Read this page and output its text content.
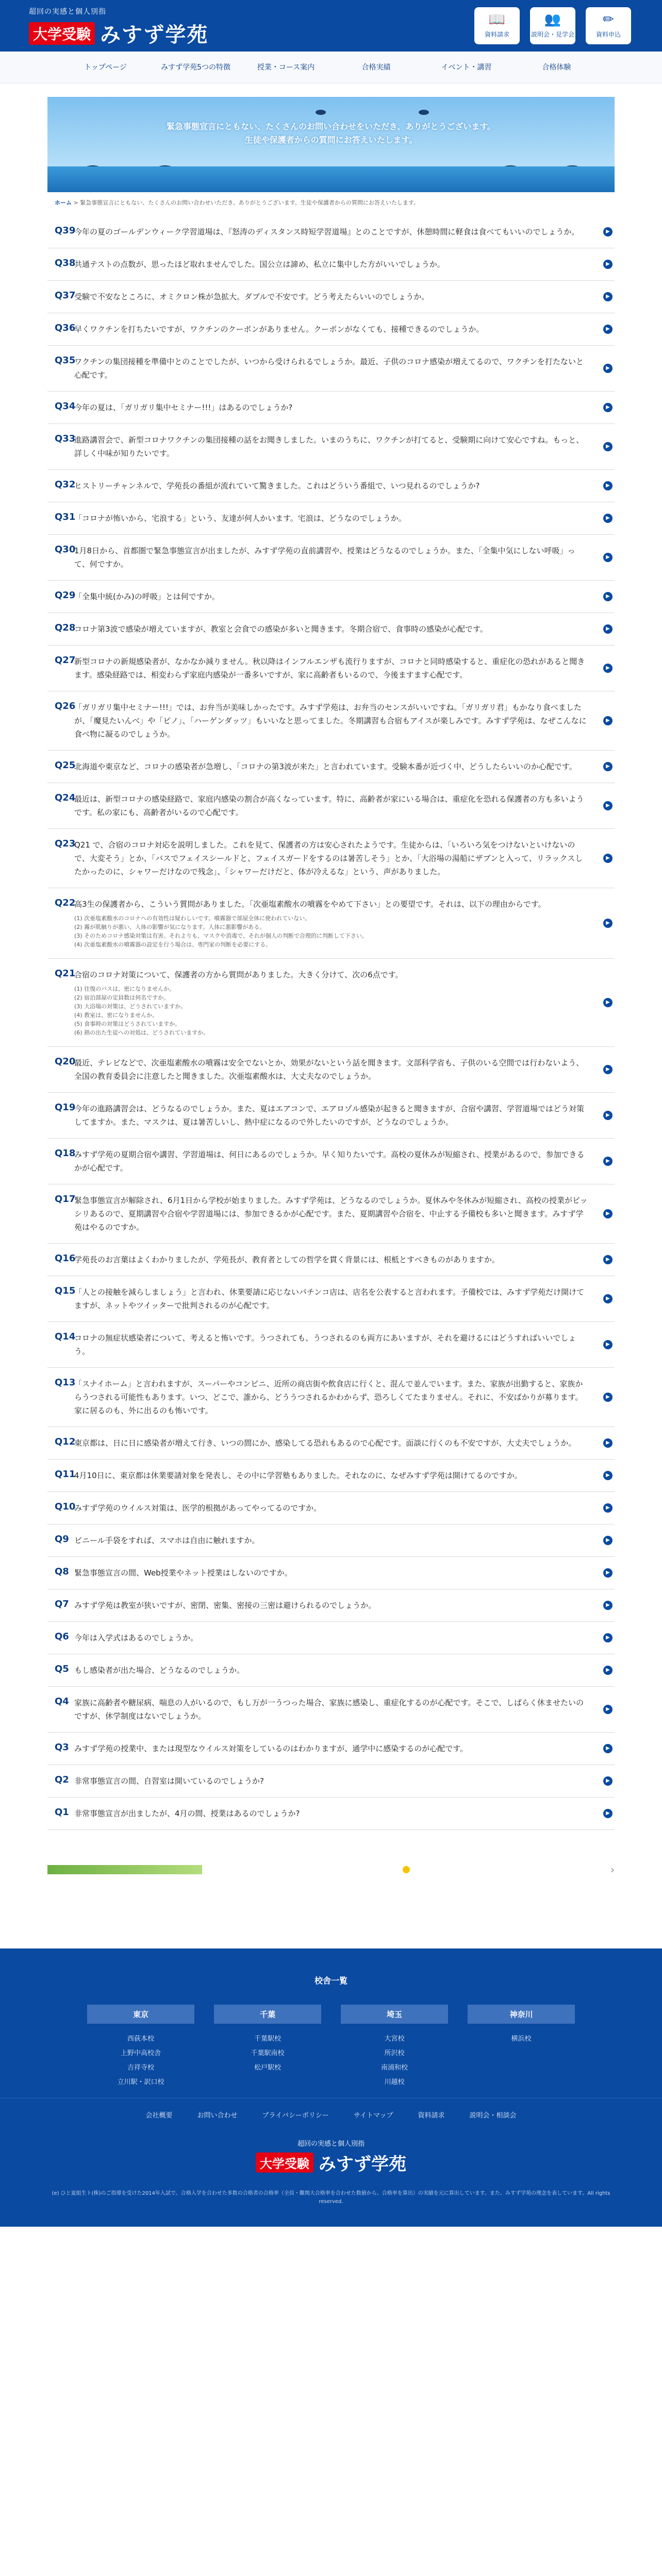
超回の実感と個人別指
大学受験 みすず学苑
📖
資料請求
👥
説明会・見学会
✏
資料申込
トップページ	みすず学苑5つの特徴	授業・コース案内	合格実績	イベント・講習	合格体験
緊急事態宣言にともない、たくさんのお問い合わせをいただき、ありがとうございます。
生徒や保護者からの質問にお答えいたします。
ホーム > 緊急事態宣言にともない、たくさんのお問い合わせいただき、ありがとうございます。生徒や保護者からの質問にお答えいたします。
Q39
今年の夏のゴールデンウィーク学習道場は、『怒涛のディスタンス時短学習道場』とのことですが、休憩時間に軽食は食べてもいいのでしょうか。	▶
Q38
共通テストの点数が、思ったほど取れませんでした。国公立は諦め、私立に集中した方がいいでしょうか。	▶
Q37
受験で不安なところに、オミクロン株が急拡大。ダブルで不安です。どう考えたらいいのでしょうか。	▶
Q36
早くワクチンを打ちたいですが、ワクチンのクーポンがありません。クーポンがなくても、接種できるのでしょうか。	▶
Q35
ワクチンの集団接種を準備中とのことでしたが、いつから受けられるでしょうか。最近、子供のコロナ感染が増えてるので、ワクチンを打たないと心配です。
▶
Q34
今年の夏は、「ガリガリ集中セミナー!!!」はあるのでしょうか?	▶
Q33
進路講習会で、新型コロナワクチンの集団接種の話をお聞きしました。いまのうちに、ワクチンが打てると、受験期に向けて安心ですね。もっと、詳しく中味が知りたいです。
▶
Q32
ヒストリーチャンネルで、学苑長の番組が流れていて驚きました。これはどういう番組で、いつ見れるのでしょうか?	▶
Q31
「コロナが怖いから、宅浪する」という、友達が何人かいます。宅浪は、どうなのでしょうか。	▶
Q30
1月8日から、首都圏で緊急事態宣言が出ましたが、みすず学苑の直前講習や、授業はどうなるのでしょうか。また、「全集中気にしない呼吸」って、何ですか。
▶
Q29
「全集中統(かみ)の呼吸」とは何ですか。	▶
Q28
コロナ第3波で感染が増えていますが、教室と会食での感染が多いと聞きます。冬期合宿で、食事時の感染が心配です。	▶
Q27
新型コロナの新規感染者が、なかなか減りません。秋以降はインフルエンザも流行りますが、コロナと同時感染すると、重症化の恐れがあると聞きます。感染経路では、相変わらず家庭内感染が一番多いですが、家に高齢者もいるので、今後ますます心配です。
▶
Q26
「ガリガリ集中セミナー!!!」では、お弁当が美味しかったです。みすず学苑は、お弁当のセンスがいいですね。「ガリガリ君」もかなり食べましたが、「魔見たいんべ」や「ピノ」、「ハーゲンダッツ」もいいなと思ってました。冬期講習も合宿もアイスが楽しみです。みすず学苑は、なぜこんなに食べ物に凝るのでしょうか。
▶
Q25
北海道や東京など、コロナの感染者が急増し、「コロナの第3波が来た」と言われています。受験本番が近づく中、どうしたらいいのか心配です。	▶
Q24
最近は、新型コロナの感染経路で、家庭内感染の割合が高くなっています。特に、高齢者が家にいる場合は、重症化を恐れる保護者の方も多いようです。私の家にも、高齢者がいるので心配です。
▶
Q23
Q21 で、合宿のコロナ対応を説明しました。これを見て、保護者の方は安心されたようです。生徒からは、「いろいろ気をつけないといけないので、大変そう」とか、「バスでフェイスシールドと、フェイスガードをするのは暑苦しそう」とか、「大浴場の湯船にザブンと入って、リラックスしたかったのに、シャワーだけなので残念」、「シャワーだけだと、体が冷えるな」という、声がありました。
▶
Q22
高3生の保護者から、こういう質問がありました。「次亜塩素酸水の噴霧をやめて下さい」との要望です。それは、以下の理由からです。
(1) 次亜塩素酸水のコロナへの有効性は疑わしいです。噴霧器で部屋全体に使われていない。
(2) 霧が肌触りが悪い、人体の影響が気になります。人体に悪影響がある。
(3) そのためコロナ感染対策は有害。それよりも、マスクや消毒で、それが個人の判断で合理的に判断して下さい。
(4) 次亜塩素酸水の噴霧器の設定を行う場合は、専門家の判断を必要にする。
▶
Q21
合宿のコロナ対策について、保護者の方から質問がありました。大きく分けて、次の6点です。
(1) 往復のバスは、密になりませんか。
(2) 宿泊部屋の定員数は何名ですか。
(3) 大浴場の対策は、どうされていますか。
(4) 教室は、密になりませんか。
(5) 食事時の対策はどうされていますか。
(6) 熱の出た生徒への対処は、どうされていますか。
▶
Q20
最近、テレビなどで、次亜塩素酸水の噴霧は安全でないとか、効果がないという話を聞きます。文部科学省も、子供のいる空間では行わないよう、全国の教育委員会に注意したと聞きました。次亜塩素酸水は、大丈夫なのでしょうか。
▶
Q19
今年の進路講習会は、どうなるのでしょうか。また、夏はエアコンで、エアロゾル感染が起きると聞きますが、合宿や講習、学習道場ではどう対策してますか。また、マスクは、夏は暑苦しいし、熱中症になるので外したいのですが、どうなのでしょうか。
▶
Q18
みすず学苑の夏期合宿や講習、学習道場は、何日にあるのでしょうか。早く知りたいです。高校の夏休みが短縮され、授業があるので、参加できるかが心配です。
▶
Q17
緊急事態宣言が解除され、6月1日から学校が始まりました。みすず学苑は、どうなるのでしょうか。夏休みや冬休みが短縮され、高校の授業がビッシリあるので、夏期講習や合宿や学習道場には、参加できるかが心配です。また、夏期講習や合宿を、中止する予備校も多いと聞きます。みすず学苑はやるのですか。
▶
Q16
学苑長のお言葉はよくわかりましたが、学苑長が、教育者としての哲学を貫く背景には、根柢とすべきものがありますか。	▶
Q15
「人との接触を減らしましょう」と言われ、休業要請に応じないパチンコ店は、店名を公表すると言われます。予備校では、みすず学苑だけ開けてますが、ネットやツイッターで批判されるのが心配です。
▶
Q14
コロナの無症状感染者について、考えると怖いです。うつされても、うつされるのも両方にあいますが、それを避けるにはどうすればいいでしょう。
▶
Q13
「スナイホーム」と言われますが、スーパーやコンビニ、近所の商店街や飲食店に行くと、混んで並んでいます。また、家族が出勤すると、家族からうつされる可能性もあります。いつ、どこで、誰から、どううつされるかわからず、恐ろしくてたまりません。それに、不安ばかりが募ります。家に居るのも、外に出るのも怖いです。
▶
Q12
東京都は、日に日に感染者が増えて行き、いつの間にか、感染してる恐れもあるので心配です。面談に行くのも不安ですが、大丈夫でしょうか。	▶
Q11
4月10日に、東京都は休業要請対象を発表し、その中に学習塾もありました。それなのに、なぜみすず学苑は開けてるのですか。	▶
Q10
みすず学苑のウイルス対策は、医学的根拠があってやってるのですか。	▶
Q9 ビニール手袋をすれば、スマホは自由に触れますか。	▶
Q8 緊急事態宣言の間、Web授業やネット授業はしないのですか。	▶
Q7 みすず学苑は教室が狭いですが、密閉、密集、密接の三密は避けられるのでしょうか。	▶
Q6 今年は入学式はあるのでしょうか。	▶
Q5 もし感染者が出た場合、どうなるのでしょうか。	▶
Q4 家族に高齢者や糖尿病、喘息の人がいるので、もし万が一うつった場合、家族に感染し、重症化するのが心配です。そこで、しばらく休ませたいのですが、休学制度はないでしょうか。
▶
Q3 みすず学苑の授業中、または現型なウイルス対策をしているのはわかりますが、通学中に感染するのが心配です。	▶
Q2 非常事態宣言の間、自習室は開いているのでしょうか?	▶
Q1 非常事態宣言が出ましたが、4月の間、授業はあるのでしょうか?	▶
›
校舎一覧
東京
西荻本校
上野中高校舎
吉祥寺校
立川駅・訳口校
千葉
千葉駅校
千葉駅南校
松戸駅校
埼玉
大宮校
所沢校
南浦和校
川越校
神奈川
横浜校
会社概要	お問い合わせ	プライバシーポリシー	サイトマップ	資料請求	説明会・相談会
超回の実感と個人別指
大学受験 みすず学苑
(e) ひと夏組生ト(株)のご指導を受けた2014年入試で、合格入学を合わせた多数の合格者の合格率（全員・難関大合格率を合わせた数値から、合格率を算出）の実績を元に算出しています。また、みすず学苑の理念を表しています。All rights reserved.
